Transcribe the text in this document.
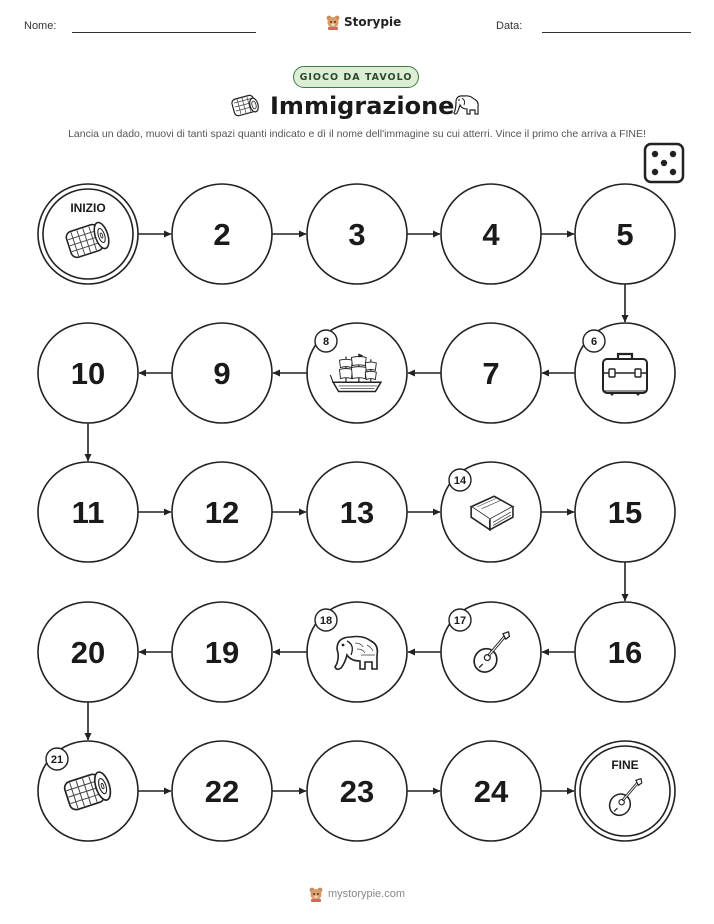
Nome:	Storypie	Data:
GIOCO DA TAVOLO
Immigrazione
Lancia un dado, muovi di tanti spazi quanti indicato e dì il nome dell'immagine su cui atterri. Vince il primo che arriva a FINE!
INIZIO
2	3	4	5
6
7
8
9
10
11	12	13
14
15
16
17
18
19
20
21
22	23	24
FINE
mystorypie.com
